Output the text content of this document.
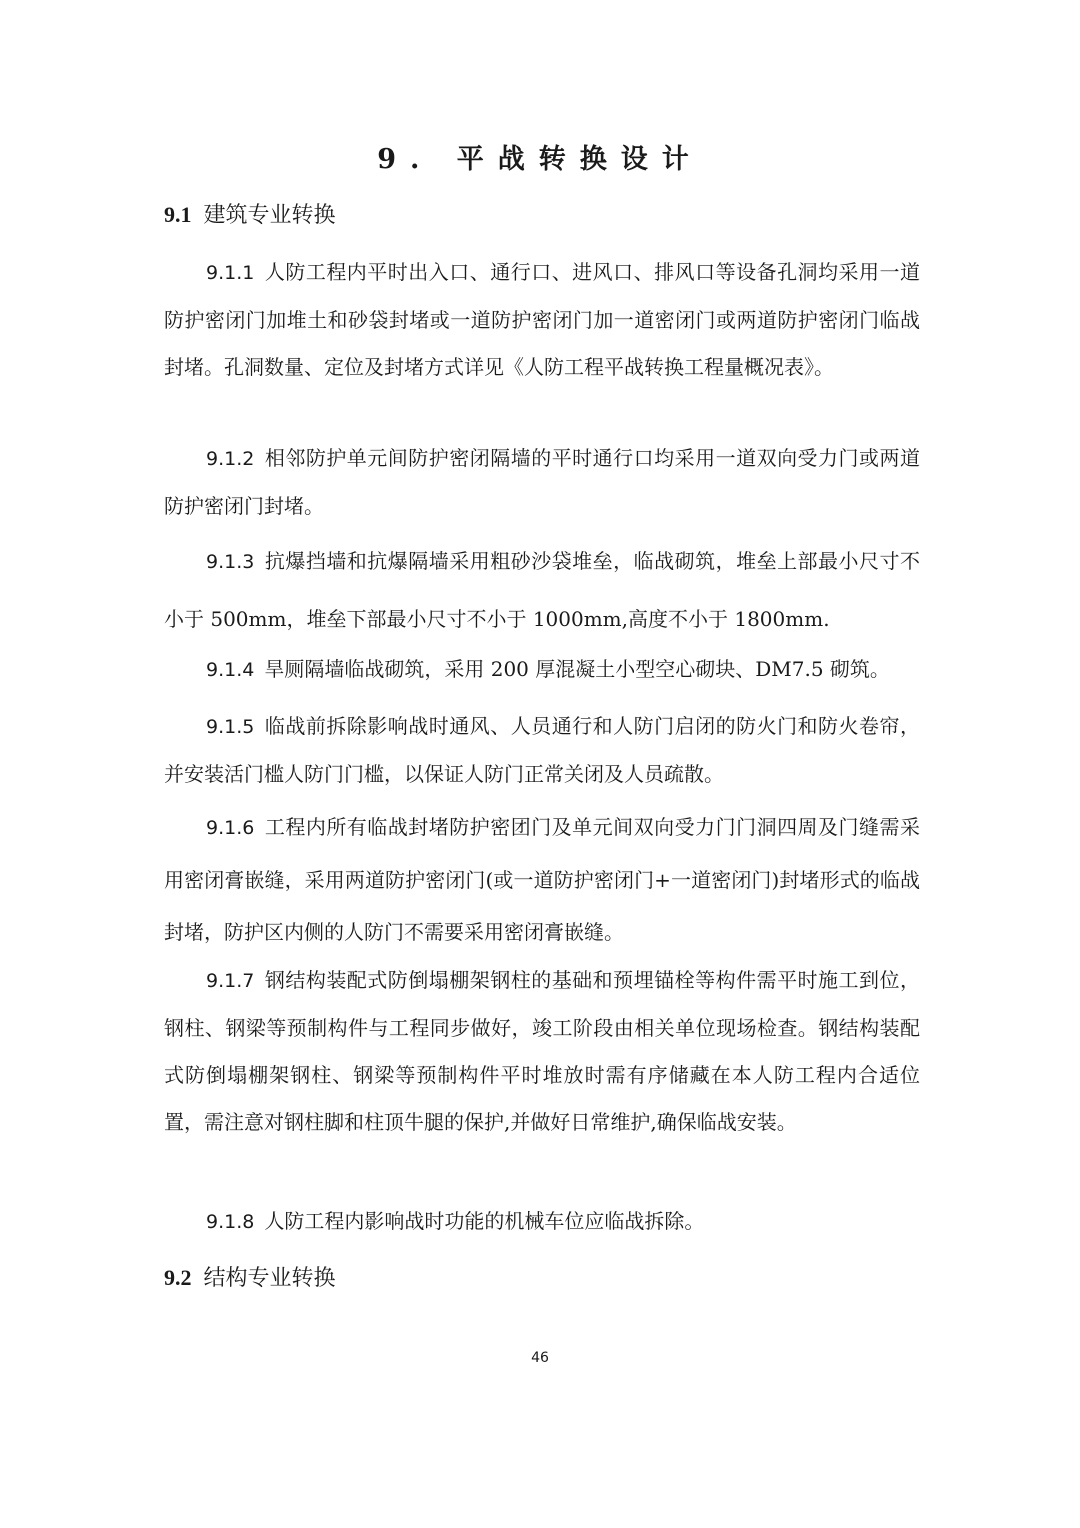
9. 平战转换设计
9.1 建筑专业转换
9.1.1 人防工程内平时出入口、通行口、进风口、排风口等设备孔洞均采用一道防护密闭门加堆土和砂袋封堵或一道防护密闭门加一道密闭门或两道防护密闭门临战封堵。孔洞数量、定位及封堵方式详见《人防工程平战转换工程量概况表》。
9.1.2 相邻防护单元间防护密闭隔墙的平时通行口均采用一道双向受力门或两道防护密闭门封堵。
9.1.3 抗爆挡墙和抗爆隔墙采用粗砂沙袋堆垒，临战砌筑，堆垒上部最小尺寸不小于 500mm，堆垒下部最小尺寸不小于 1000mm,高度不小于 1800mm.
9.1.4 旱厕隔墙临战砌筑，采用 200 厚混凝土小型空心砌块、DM7.5 砌筑。
9.1.5 临战前拆除影响战时通风、人员通行和人防门启闭的防火门和防火卷帘，并安装活门槛人防门门槛，以保证人防门正常关闭及人员疏散。
9.1.6 工程内所有临战封堵防护密团门及单元间双向受力门门洞四周及门缝需采用密闭膏嵌缝，采用两道防护密闭门(或一道防护密闭门+一道密闭门)封堵形式的临战封堵，防护区内侧的人防门不需要采用密闭膏嵌缝。
9.1.7 钢结构装配式防倒塌棚架钢柱的基础和预埋锚栓等构件需平时施工到位，钢柱、钢梁等预制构件与工程同步做好，竣工阶段由相关单位现场检查。钢结构装配式防倒塌棚架钢柱、钢梁等预制构件平时堆放时需有序储藏在本人防工程内合适位置，需注意对钢柱脚和柱顶牛腿的保护,并做好日常维护,确保临战安装。
9.1.8 人防工程内影响战时功能的机械车位应临战拆除。
9.2 结构专业转换
46
